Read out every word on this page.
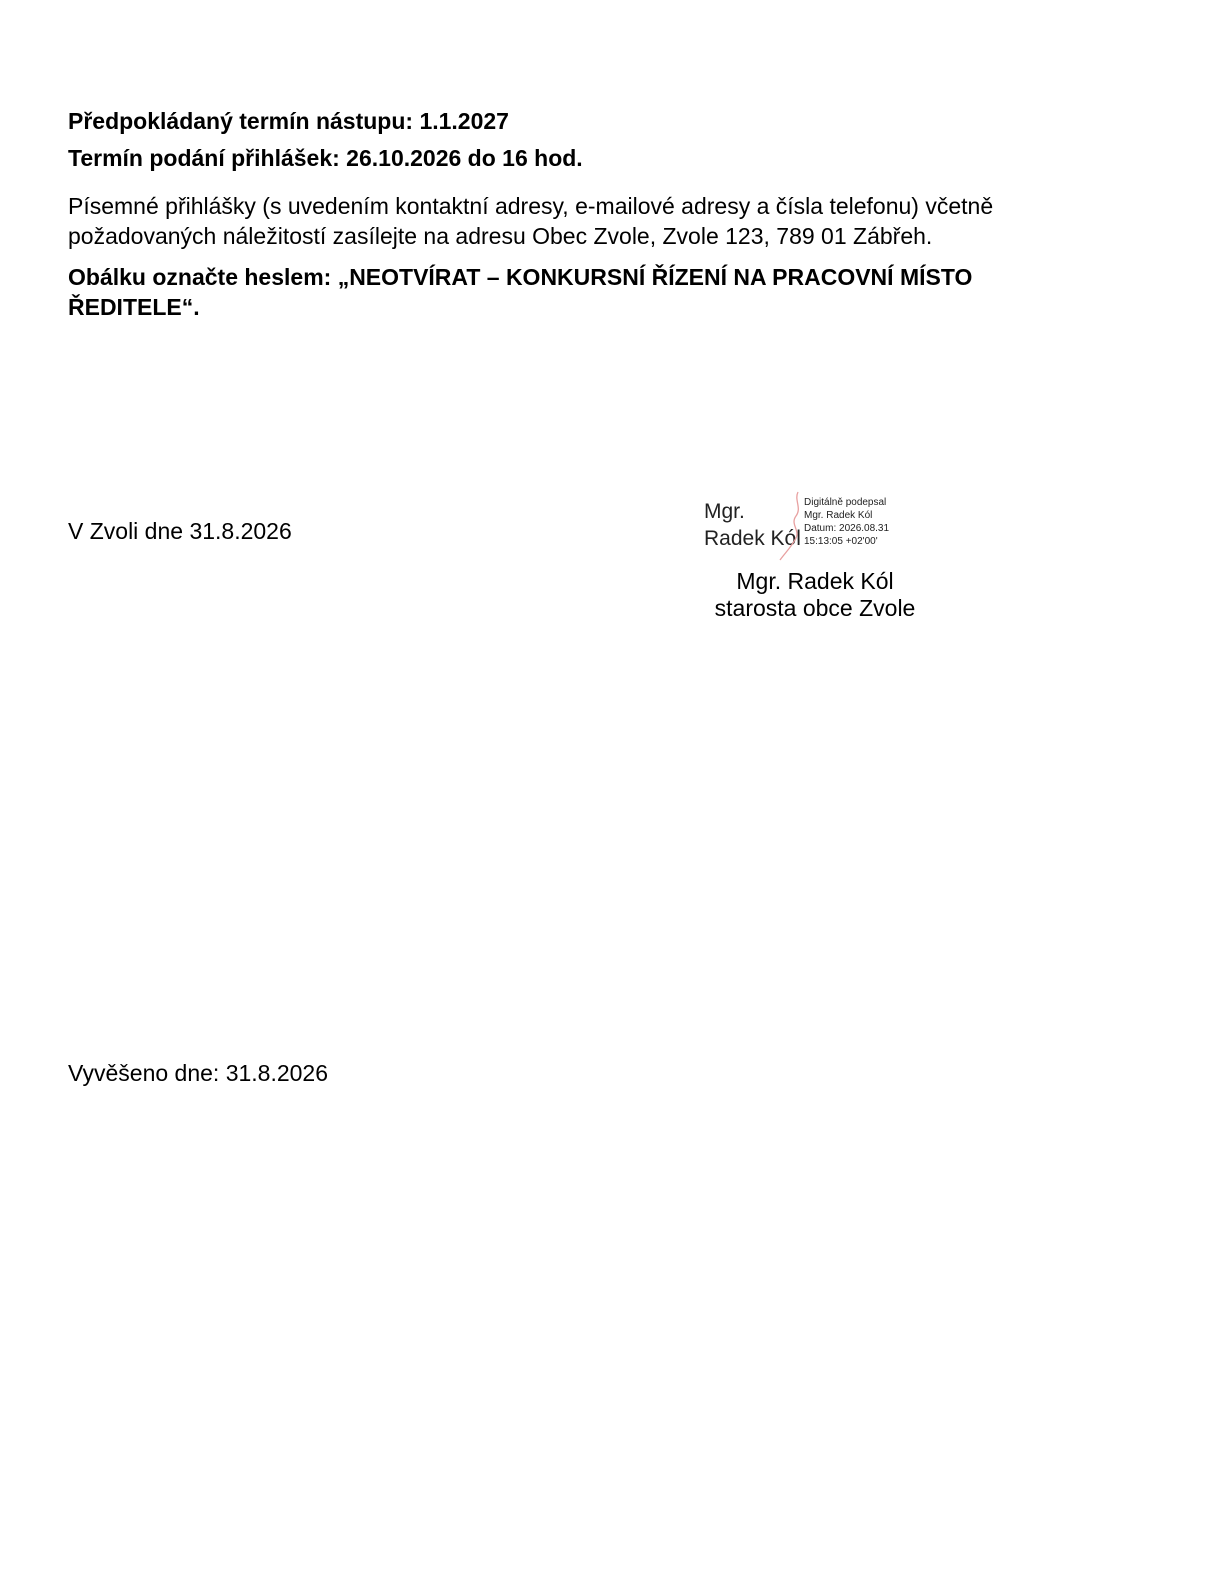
Předpokládaný termín nástupu: 1.1.2027
Termín podání přihlášek: 26.10.2026 do 16 hod.
Písemné přihlášky (s uvedením kontaktní adresy, e-mailové adresy a čísla telefonu) včetně požadovaných náležitostí zasílejte na adresu Obec Zvole, Zvole 123, 789 01 Zábřeh.
Obálku označte heslem: „NEOTVÍRAT – KONKURSNÍ ŘÍZENÍ NA PRACOVNÍ MÍSTO ŘEDITELE“.
V Zvoli dne 31.8.2026
Mgr.
Radek Kól
Digitálně podepsal
Mgr. Radek Kól
Datum: 2026.08.31
15:13:05 +02'00'
Mgr. Radek Kól
starosta obce Zvole
Vyvěšeno dne: 31.8.2026
